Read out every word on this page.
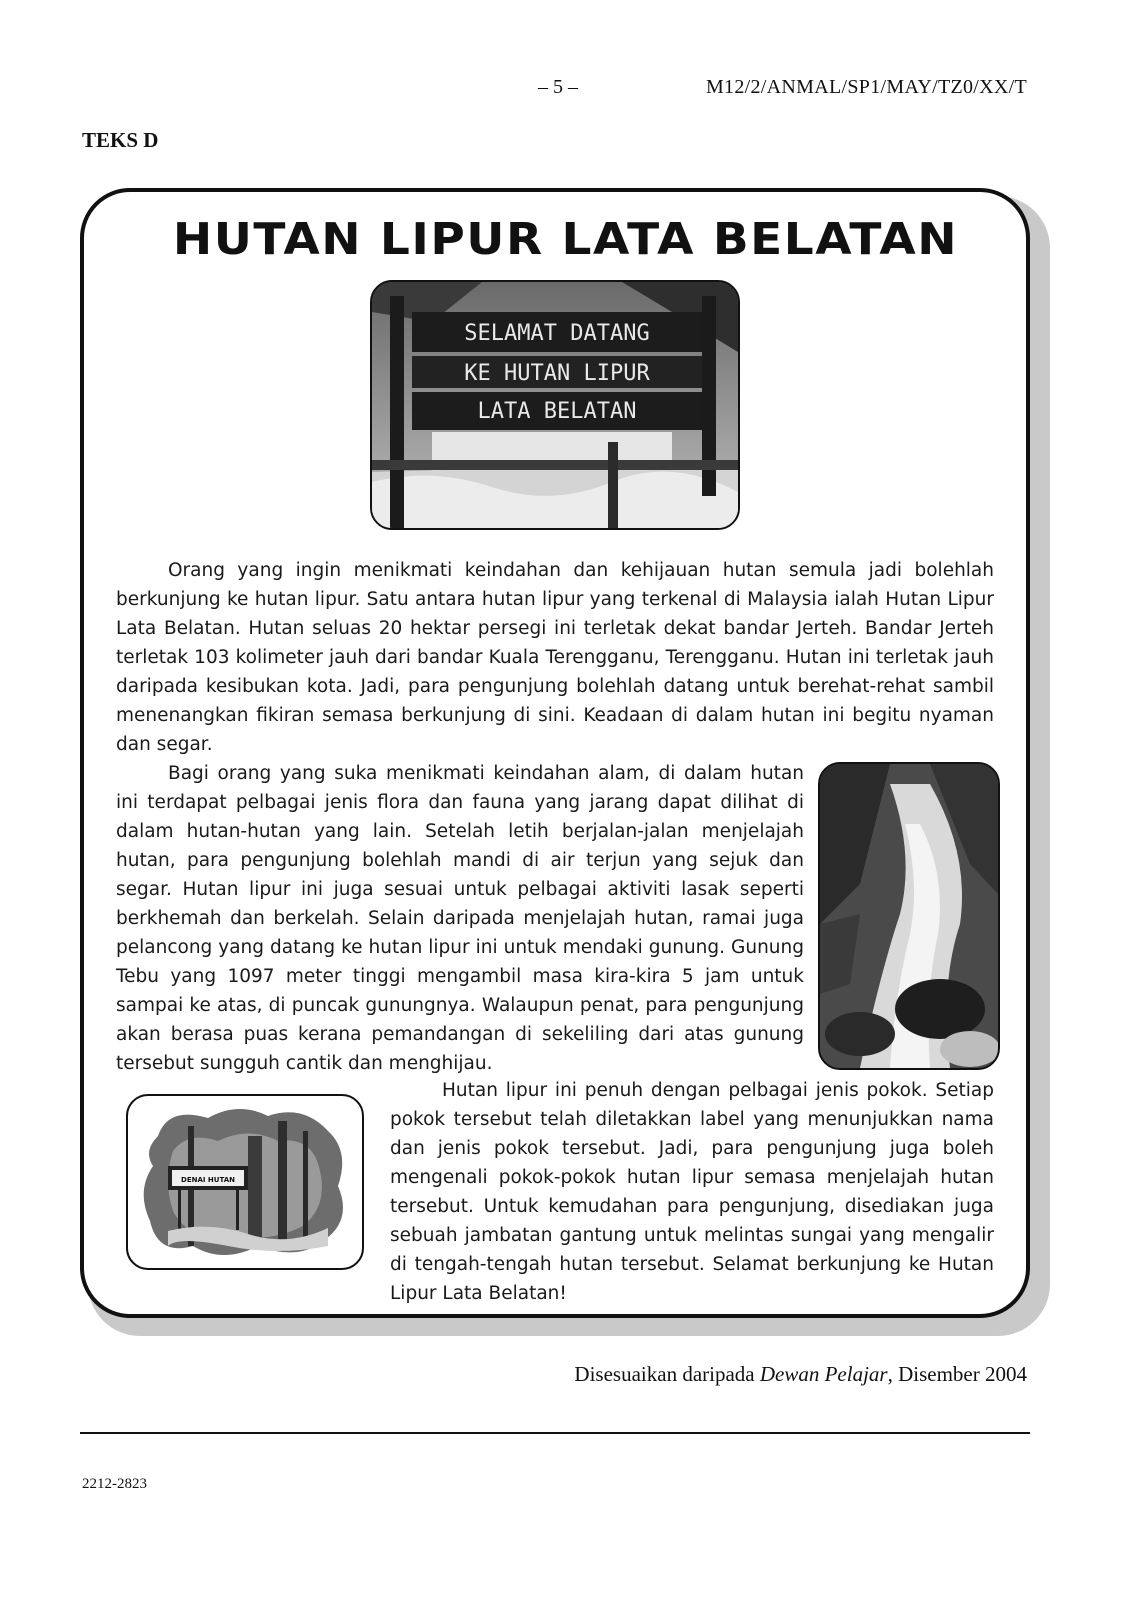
– 5 –	M12/2/ANMAL/SP1/MAY/TZ0/XX/T
TEKS D
HUTAN LIPUR LATA BELATAN
SELAMAT DATANG
KE HUTAN LIPUR
LATA BELATAN
DENAI HUTAN

Orang yang ingin menikmati keindahan dan kehijauan hutan semula jadi bolehlah berkunjung ke hutan lipur. Satu antara hutan lipur yang terkenal di Malaysia ialah Hutan Lipur Lata Belatan. Hutan seluas 20 hektar persegi ini terletak dekat bandar Jerteh. Bandar Jerteh terletak 103 kolimeter jauh dari bandar Kuala Terengganu, Terengganu. Hutan ini terletak jauh daripada kesibukan kota. Jadi, para pengunjung bolehlah datang untuk berehat-rehat sambil menenangkan fikiran semasa berkunjung di sini. Keadaan di dalam hutan ini begitu nyaman dan segar.

Bagi orang yang suka menikmati keindahan alam, di dalam hutan ini terdapat pelbagai jenis flora dan fauna yang jarang dapat dilihat di dalam hutan-hutan yang lain. Setelah letih berjalan-jalan menjelajah hutan, para pengunjung bolehlah mandi di air terjun yang sejuk dan segar. Hutan lipur ini juga sesuai untuk pelbagai aktiviti lasak seperti berkhemah dan berkelah. Selain daripada menjelajah hutan, ramai juga pelancong yang datang ke hutan lipur ini untuk mendaki gunung. Gunung Tebu yang 1097 meter tinggi mengambil masa kira-kira 5 jam untuk sampai ke atas, di puncak gunungnya. Walaupun penat, para pengunjung akan berasa puas kerana pemandangan di sekeliling dari atas gunung tersebut sungguh cantik dan menghijau.

Hutan lipur ini penuh dengan pelbagai jenis pokok. Setiap pokok tersebut telah diletakkan label yang menunjukkan nama dan jenis pokok tersebut. Jadi, para pengunjung juga boleh mengenali pokok-pokok hutan lipur semasa menjelajah hutan tersebut. Untuk kemudahan para pengunjung, disediakan juga sebuah jambatan gantung untuk melintas sungai yang mengalir di tengah-tengah hutan tersebut. Selamat berkunjung ke Hutan Lipur Lata Belatan!

Disesuaikan daripada Dewan Pelajar, Disember 2004
2212-2823
